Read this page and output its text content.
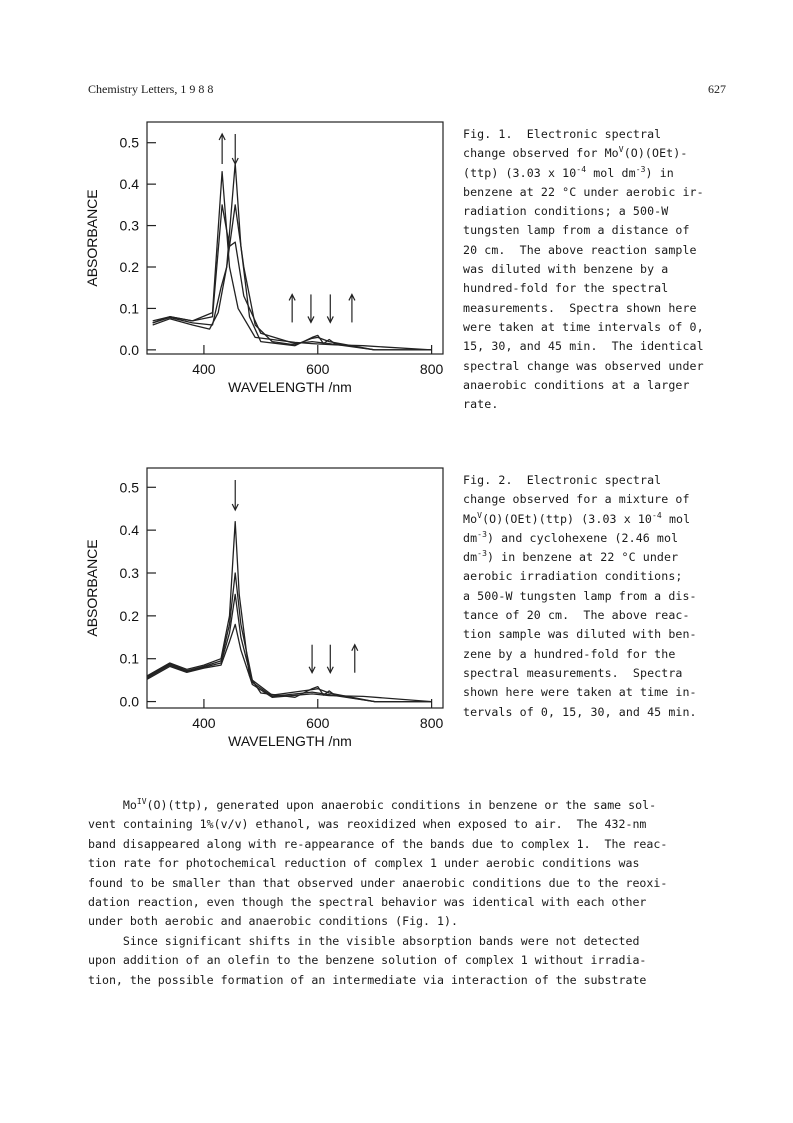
Chemistry Letters, 1 9 8 8	627
0.5
0.4
0.3
0.2
0.1
0.0
400	600	800
WAVELENGTH /nm
ABSORBANCE
Fig. 1.  Electronic spectral
change observed for $Mo^V(O)(OEt)-$
(ttp) (3.03 x $10^{-4}$ mol $dm^{-3}$) in
benzene at 22 °C under aerobic ir-
radiation conditions; a 500-W
tungsten lamp from a distance of
20 cm.  The above reaction sample
was diluted with benzene by a
hundred-fold for the spectral
measurements.  Spectra shown here
were taken at time intervals of 0,
15, 30, and 45 min.  The identical
spectral change was observed under
anaerobic conditions at a larger
rate.
0.5
0.4
0.3
0.2
0.1
0.0
400	600	800
WAVELENGTH /nm
ABSORBANCE
Fig. 2.  Electronic spectral
change observed for a mixture of
$Mo^V(O)(OEt)(ttp)$ (3.03 x $10^{-4}$ mol
$dm^{-3}$) and cyclohexene (2.46 mol
$dm^{-3}$) in benzene at 22 °C under
aerobic irradiation conditions;
a 500-W tungsten lamp from a dis-
tance of 20 cm.  The above reac-
tion sample was diluted with ben-
zene by a hundred-fold for the
spectral measurements.  Spectra
shown here were taken at time in-
tervals of 0, 15, 30, and 45 min.
$Mo^{IV}(O)(ttp)$, generated upon anaerobic conditions in benzene or the same sol-
vent containing 1%(v/v) ethanol, was reoxidized when exposed to air.  The 432-nm
band disappeared along with re-appearance of the bands due to complex 1.  The reac-
tion rate for photochemical reduction of complex 1 under aerobic conditions was
found to be smaller than that observed under anaerobic conditions due to the reoxi-
dation reaction, even though the spectral behavior was identical with each other
under both aerobic and anaerobic conditions (Fig. 1).
Since significant shifts in the visible absorption bands were not detected
upon addition of an olefin to the benzene solution of complex 1 without irradia-
tion, the possible formation of an intermediate via interaction of the substrate
